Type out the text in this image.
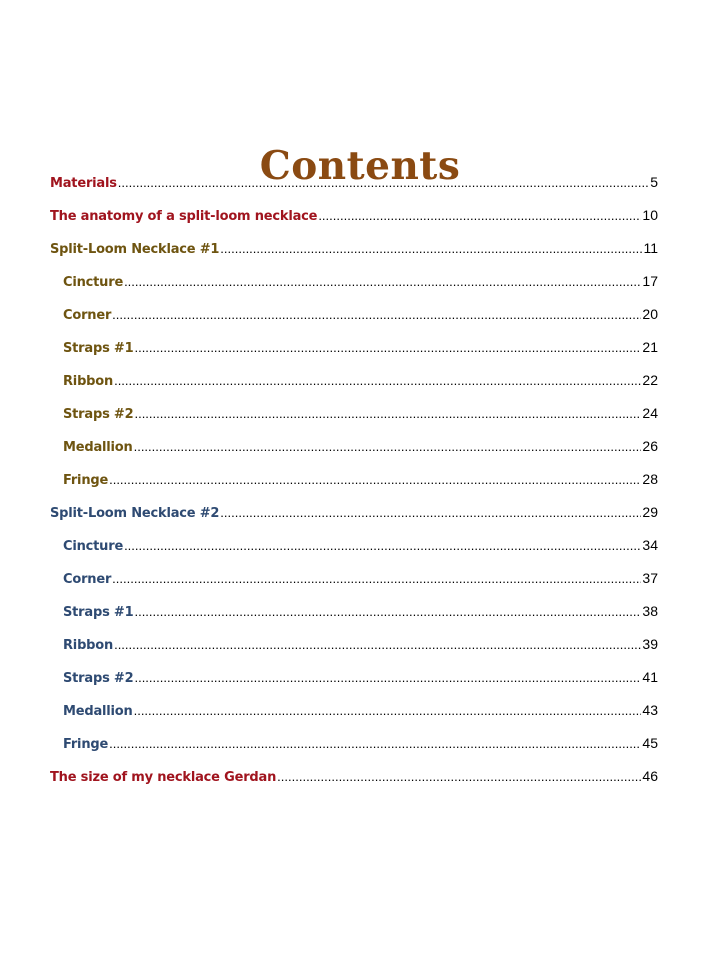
Contents
Materials .....	5
The anatomy of a split-loom necklace .....	10
Split-Loom Necklace #1 .....	11
Cincture .....	17
Corner .....	20
Straps #1 .....	21
Ribbon .....	22
Straps #2 .....	24
Medallion .....	26
Fringe .....	28
Split-Loom Necklace #2 .....	29
Cincture .....	34
Corner .....	37
Straps #1 .....	38
Ribbon .....	39
Straps #2 .....	41
Medallion .....	43
Fringe .....	45
The size of my necklace Gerdan .....	46
